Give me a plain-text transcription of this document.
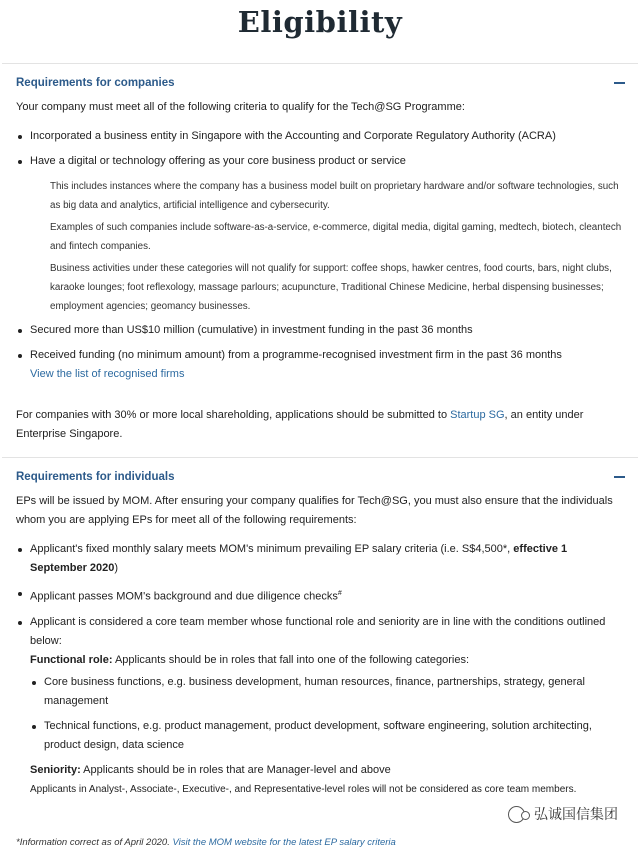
Eligibility
Requirements for companies

Your company must meet all of the following criteria to qualify for the Tech@SG Programme:

Incorporated a business entity in Singapore with the Accounting and Corporate Regulatory Authority (ACRA)
Have a digital or technology offering as your core business product or service

This includes instances where the company has a business model built on proprietary hardware and/or software technologies, such as big data and analytics, artificial intelligence and cybersecurity.

Examples of such companies include software-as-a-service, e-commerce, digital media, digital gaming, medtech, biotech, cleantech and fintech companies.

Business activities under these categories will not qualify for support: coffee shops, hawker centres, food courts, bars, night clubs, karaoke lounges; foot reflexology, massage parlours; acupuncture, Traditional Chinese Medicine, herbal dispensing businesses; employment agencies; geomancy businesses.

Secured more than US$10 million (cumulative) in investment funding in the past 36 months
Received funding (no minimum amount) from a programme-recognised investment firm in the past 36 months
View the list of recognised firms

For companies with 30% or more local shareholding, applications should be submitted to Startup SG, an entity under Enterprise Singapore.

Requirements for individuals

EPs will be issued by MOM. After ensuring your company qualifies for Tech@SG, you must also ensure that the individuals whom you are applying EPs for meet all of the following requirements:

Applicant's fixed monthly salary meets MOM's minimum prevailing EP salary criteria (i.e. S$4,500*, effective 1 September 2020)
Applicant passes MOM's background and due diligence checks#
Applicant is considered a core team member whose functional role and seniority are in line with the conditions outlined below:
Functional role: Applicants should be in roles that fall into one of the following categories:
Core business functions, e.g. business development, human resources, finance, partnerships, strategy, general management
Technical functions, e.g. product management, product development, software engineering, solution architecting, product design, data science
Seniority: Applicants should be in roles that are Manager-level and above
Applicants in Analyst-, Associate-, Executive-, and Representative-level roles will not be considered as core team members.
*Information correct as of April 2020. Visit the MOM website for the latest EP salary criteria
弘诚国信集团
